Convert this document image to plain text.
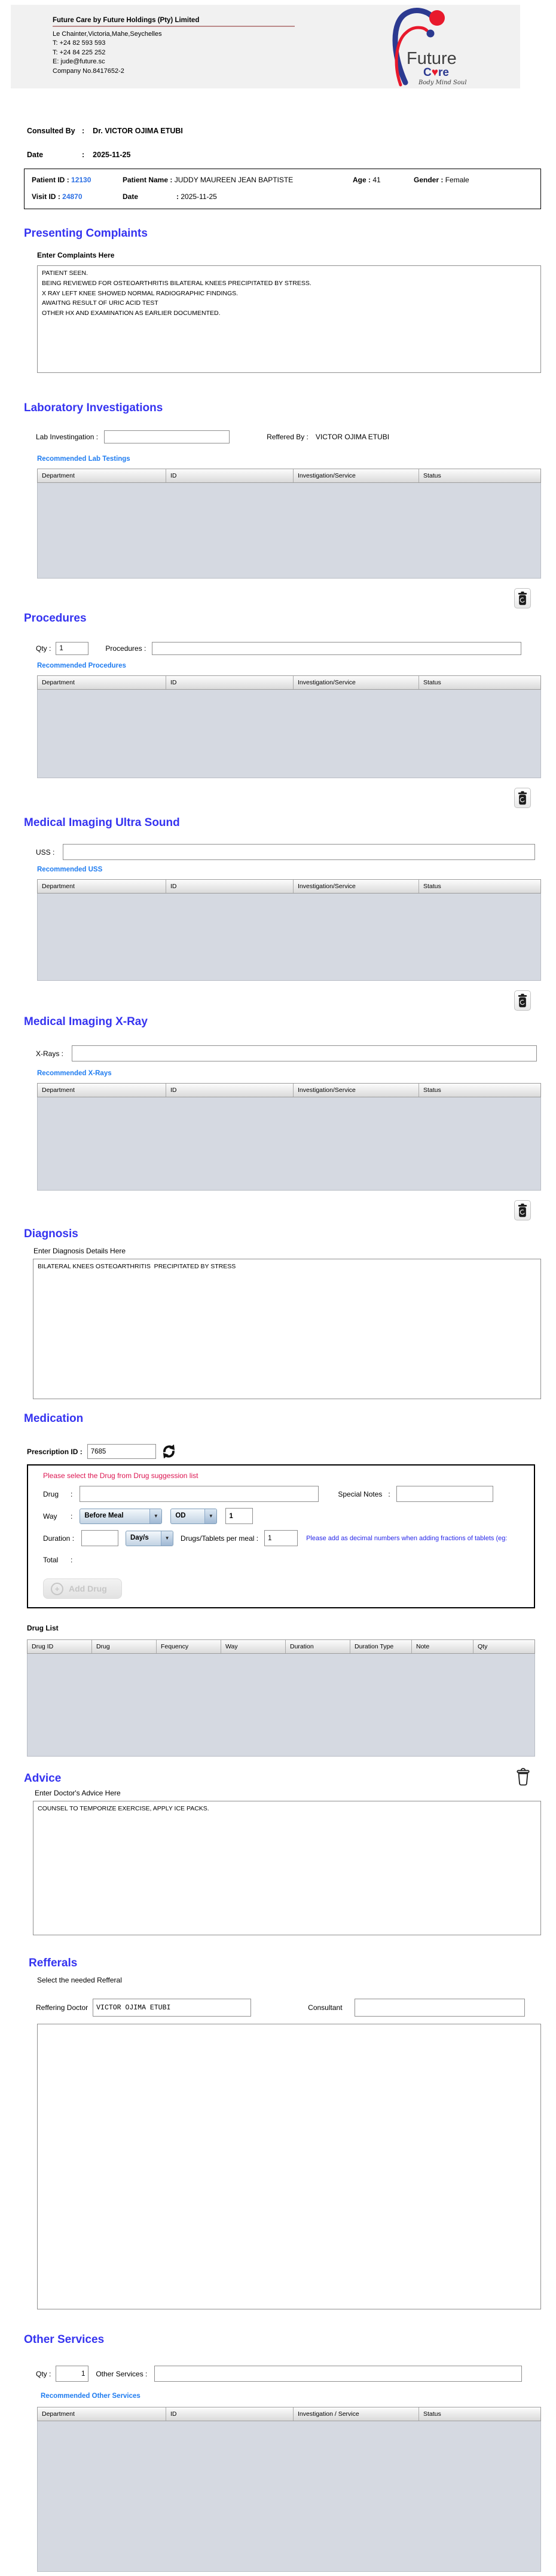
Future Care by Future Holdings (Pty) Limited
Le Chainter,Victoria,Mahe,Seychelles
T: +24 82 593 593
T: +24 84 225 252
E: jude@future.sc
Company No.8417652-2
Future
C♥re
Body Mind Soul
Consulted By : Dr. VICTOR OJIMA ETUBI
Date	: 2025-11-25
Patient ID : 12130	Patient Name : JUDDY MAUREEN JEAN BAPTISTE	Age : 41	Gender : Female
Visit ID : 24870	Date	: 2025-11-25
Presenting Complaints
Enter Complaints Here
PATIENT SEEN. BEING REVIEWED FOR OSTEOARTHRITIS BILATERAL KNEES PRECIPITATED BY STRESS. X RAY LEFT KNEE SHOWED NORMAL RADIOGRAPHIC FINDINGS. AWAITNG RESULT OF URIC ACID TEST OTHER HX AND EXAMINATION AS EARLIER DOCUMENTED.
Laboratory Investigations
Lab Investingation :	Reffered By : VICTOR OJIMA ETUBI
Recommended Lab Testings
Department	ID	Investigation/Service	Status
Procedures
Qty :
1	Procedures :
Recommended Procedures
Department	ID	Investigation/Service	Status
Medical Imaging Ultra Sound
USS :
Recommended USS
Department	ID	Investigation/Service	Status
Medical Imaging X-Ray
X-Rays :
Recommended X-Rays
Department	ID	Investigation/Service	Status
Diagnosis
Enter Diagnosis Details Here
BILATERAL KNEES OSTEOARTHRITIS PRECIPITATED BY STRESS
Medication
Prescription ID :
7685
Please select the Drug from Drug suggession list
Drug	:	Special Notes :
Way	:	Before Meal	▼	OD	▼
1
Duration :	Day/s	▼	Drugs/Tablets per meal :
1	Please add as decimal numbers when adding fractions of tablets (eg:
Total	:
+	Add Drug
Drug List
Drug ID	Drug	Fequency	Way	Duration	Duration Type	Note	Qty
Advice
Enter Doctor's Advice Here
COUNSEL TO TEMPORIZE EXERCISE, APPLY ICE PACKS.
Refferals
Select the needed Refferal
Reffering Doctor
VICTOR OJIMA ETUBI	Consultant
Other Services
Qty :
1	Other Services :
Recommended Other Services
Department	ID	Investigation / Service	Status
